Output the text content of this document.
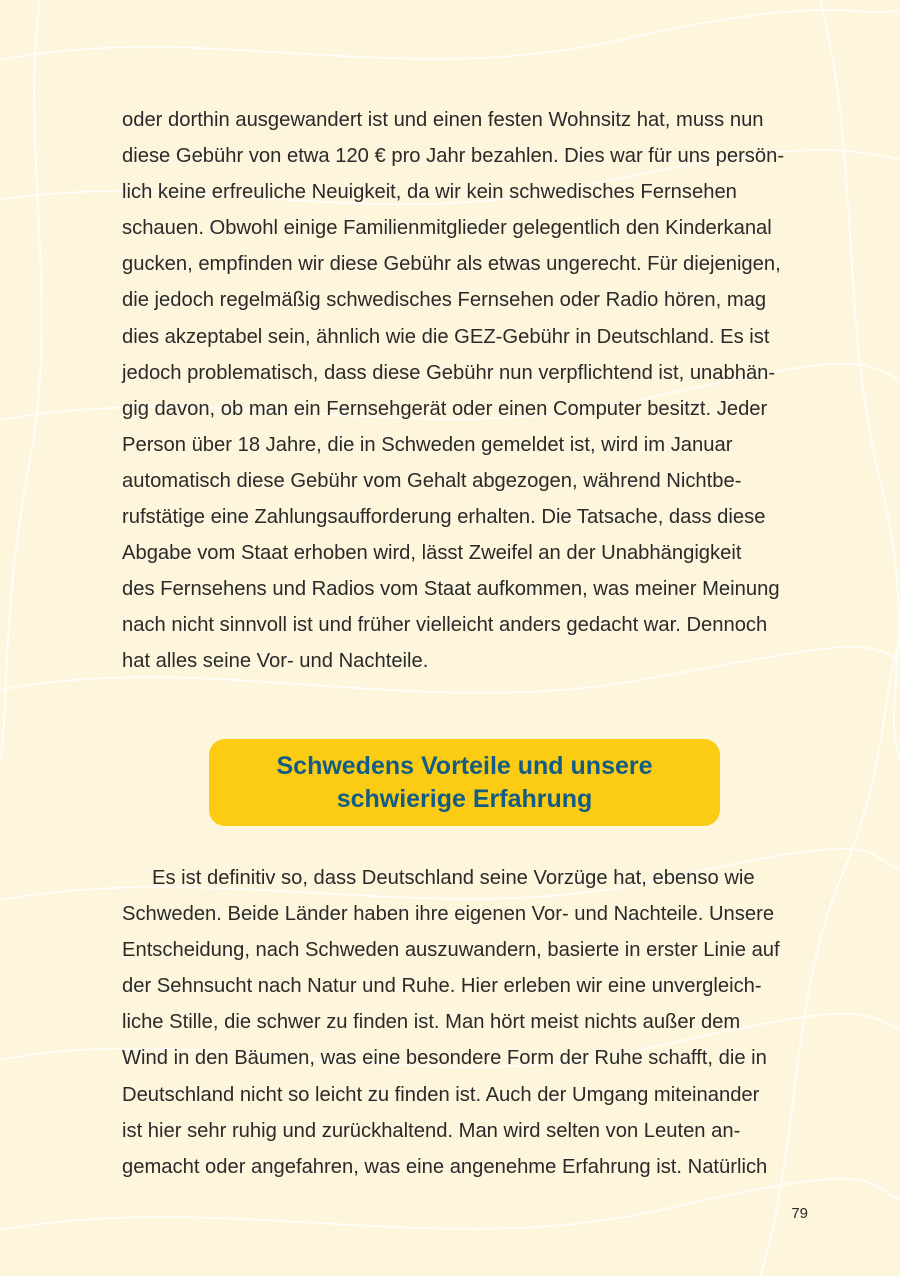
oder dorthin ausgewandert ist und einen festen Wohnsitz hat, muss nun
diese Gebühr von etwa 120 € pro Jahr bezahlen. Dies war für uns persön-
lich keine erfreuliche Neuigkeit, da wir kein schwedisches Fernsehen
schauen. Obwohl einige Familienmitglieder gelegentlich den Kinderkanal
gucken, empfinden wir diese Gebühr als etwas ungerecht. Für diejenigen,
die jedoch regelmäßig schwedisches Fernsehen oder Radio hören, mag
dies akzeptabel sein, ähnlich wie die GEZ-Gebühr in Deutschland. Es ist
jedoch problematisch, dass diese Gebühr nun verpflichtend ist, unabhän-
gig davon, ob man ein Fernsehgerät oder einen Computer besitzt. Jeder
Person über 18 Jahre, die in Schweden gemeldet ist, wird im Januar
automatisch diese Gebühr vom Gehalt abgezogen, während Nichtbe-
rufstätige eine Zahlungsaufforderung erhalten. Die Tatsache, dass diese
Abgabe vom Staat erhoben wird, lässt Zweifel an der Unabhängigkeit
des Fernsehens und Radios vom Staat aufkommen, was meiner Meinung
nach nicht sinnvoll ist und früher vielleicht anders gedacht war. Dennoch
hat alles seine Vor- und Nachteile.
Schwedens Vorteile und unsere
schwierige Erfahrung
Es ist definitiv so, dass Deutschland seine Vorzüge hat, ebenso wie
Schweden. Beide Länder haben ihre eigenen Vor- und Nachteile. Unsere
Entscheidung, nach Schweden auszuwandern, basierte in erster Linie auf
der Sehnsucht nach Natur und Ruhe. Hier erleben wir eine unvergleich-
liche Stille, die schwer zu finden ist. Man hört meist nichts außer dem
Wind in den Bäumen, was eine besondere Form der Ruhe schafft, die in
Deutschland nicht so leicht zu finden ist. Auch der Umgang miteinander
ist hier sehr ruhig und zurückhaltend. Man wird selten von Leuten an-
gemacht oder angefahren, was eine angenehme Erfahrung ist. Natürlich
79
